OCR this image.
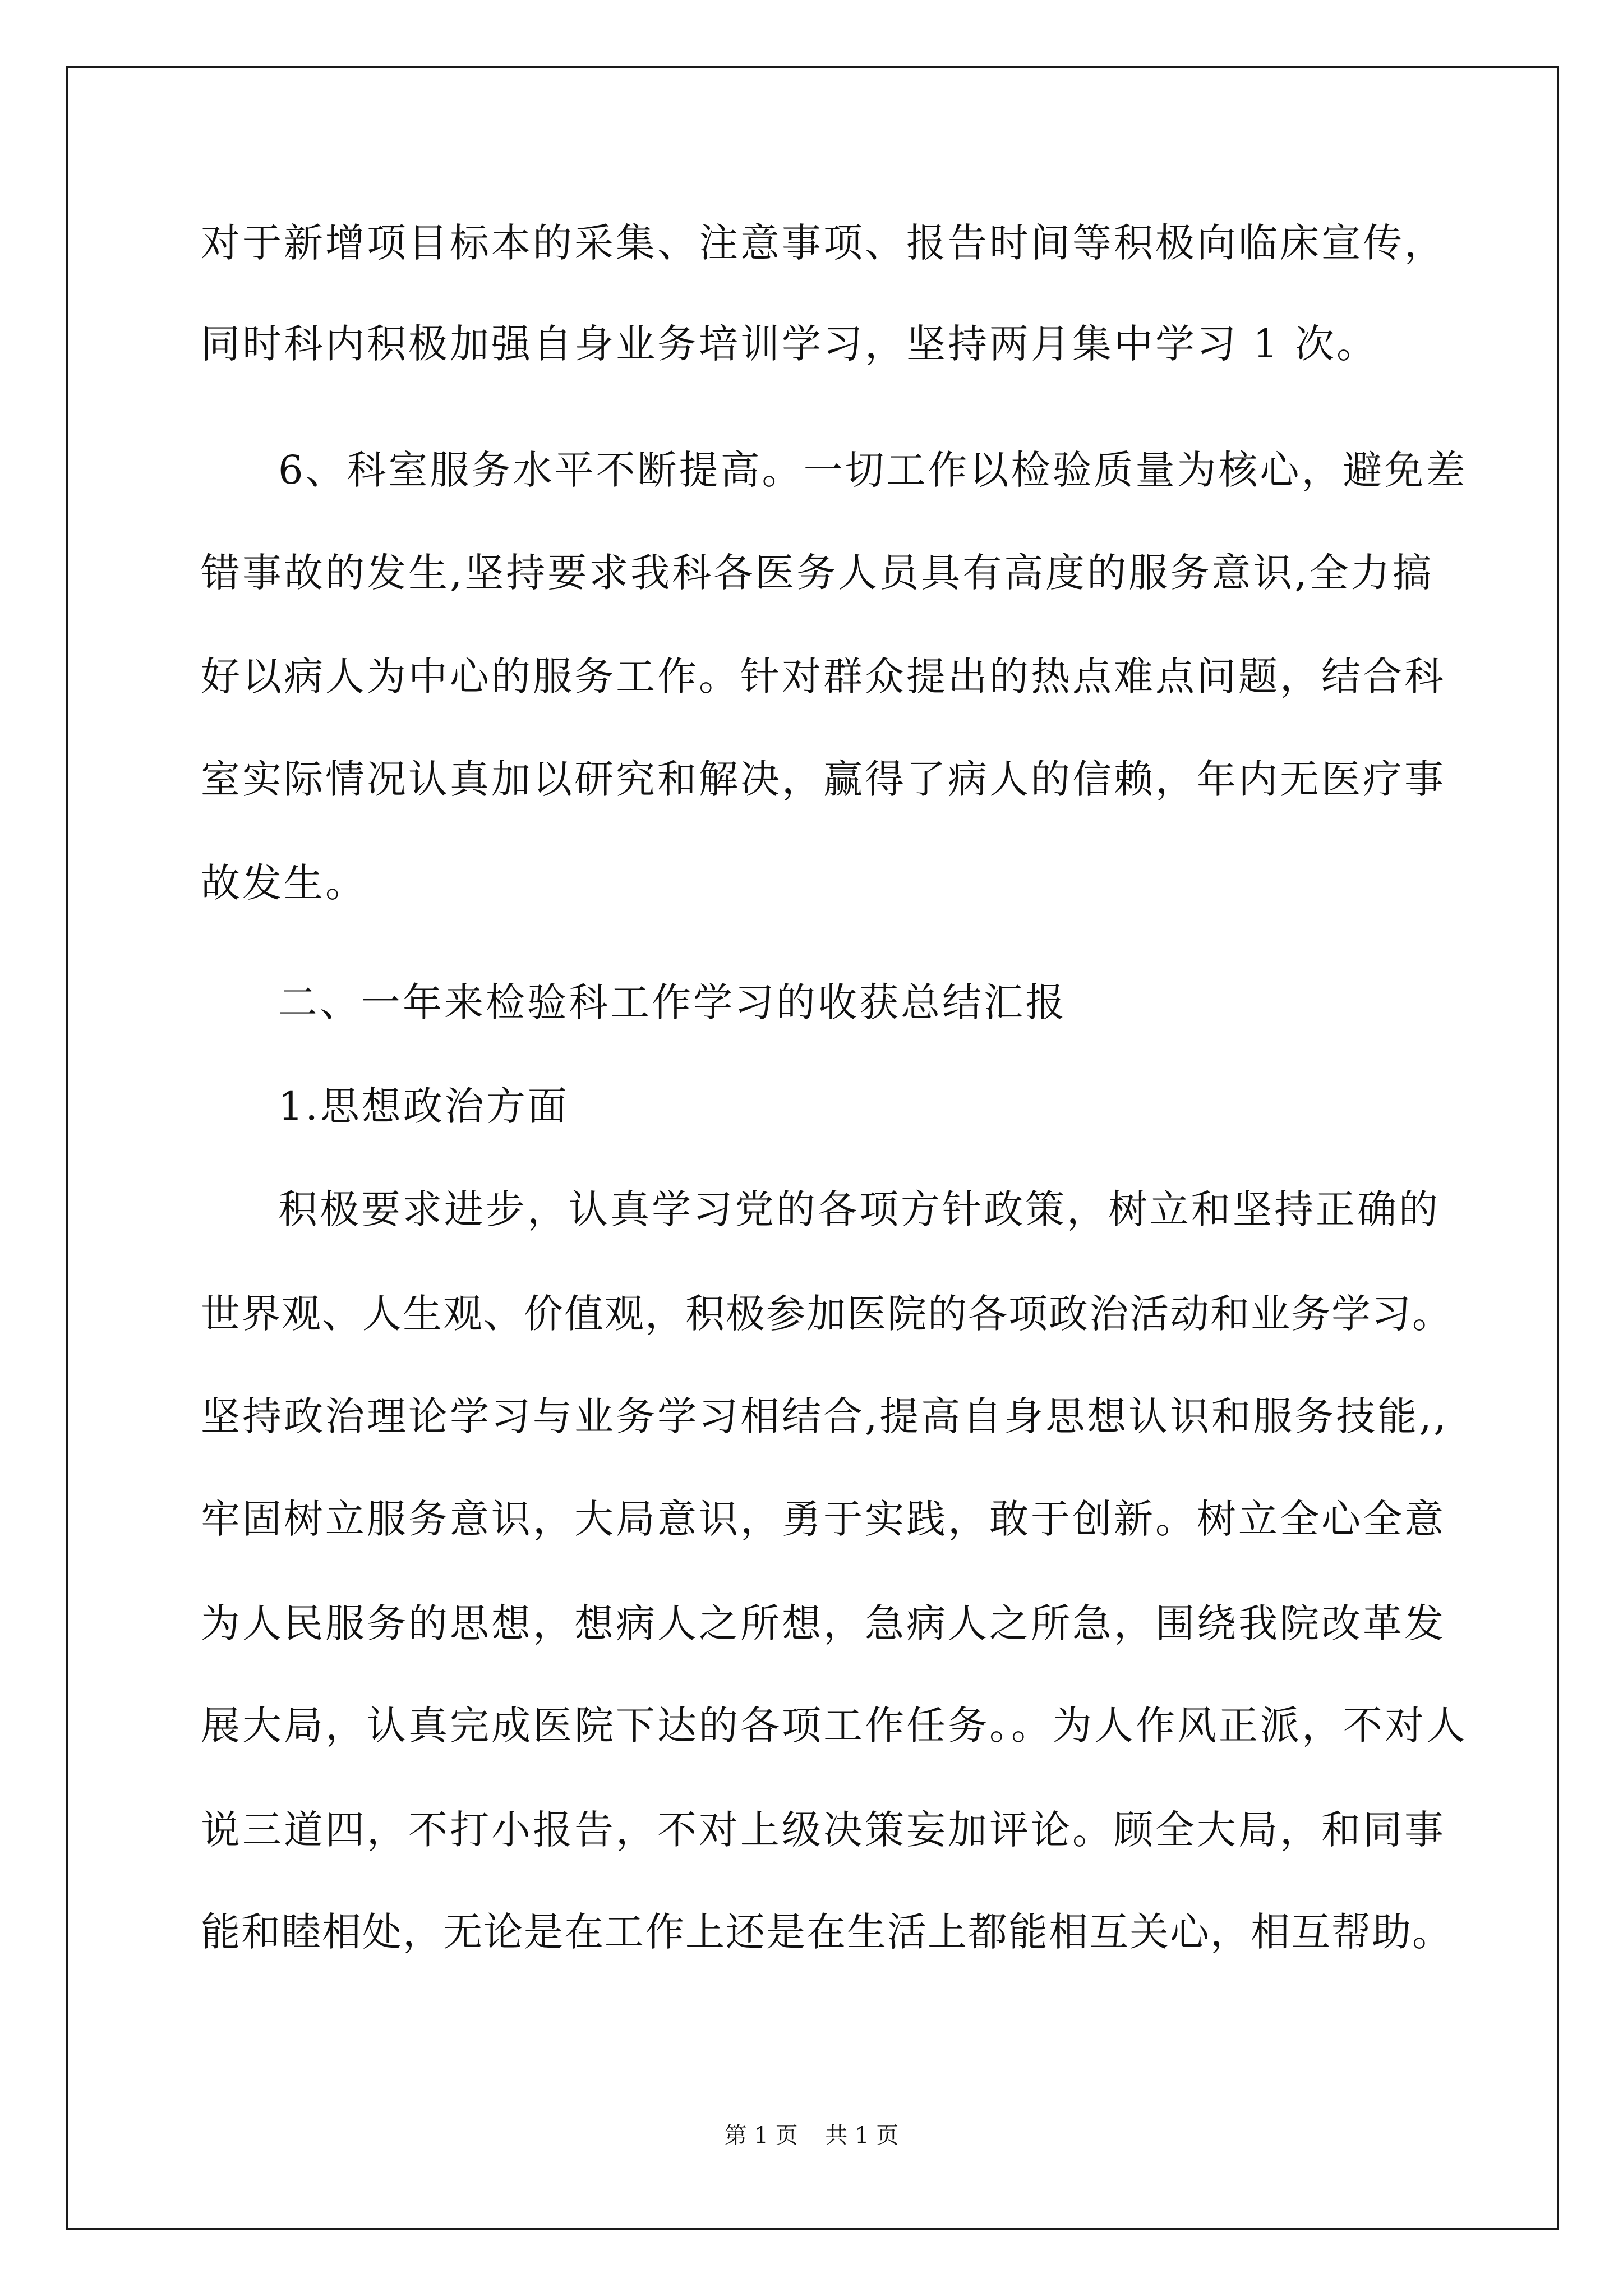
对于新增项目标本的采集、注意事项、报告时间等积极向临床宣传，
同时科内积极加强自身业务培训学习，坚持两月集中学习 1 次。
6、科室服务水平不断提高。一切工作以检验质量为核心，避免差
错事故的发生,坚持要求我科各医务人员具有高度的服务意识,全力搞
好以病人为中心的服务工作。针对群众提出的热点难点问题，结合科
室实际情况认真加以研究和解决，赢得了病人的信赖，年内无医疗事
故发生。
二、一年来检验科工作学习的收获总结汇报
1.思想政治方面
积极要求进步，认真学习党的各项方针政策，树立和坚持正确的
世界观、人生观、价值观，积极参加医院的各项政治活动和业务学习。
坚持政治理论学习与业务学习相结合,提高自身思想认识和服务技能,,
牢固树立服务意识，大局意识，勇于实践，敢于创新。树立全心全意
为人民服务的思想，想病人之所想，急病人之所急，围绕我院改革发
展大局，认真完成医院下达的各项工作任务。。为人作风正派，不对人
说三道四，不打小报告，不对上级决策妄加评论。顾全大局，和同事
能和睦相处，无论是在工作上还是在生活上都能相互关心，相互帮助。
第 1 页 共 1 页
